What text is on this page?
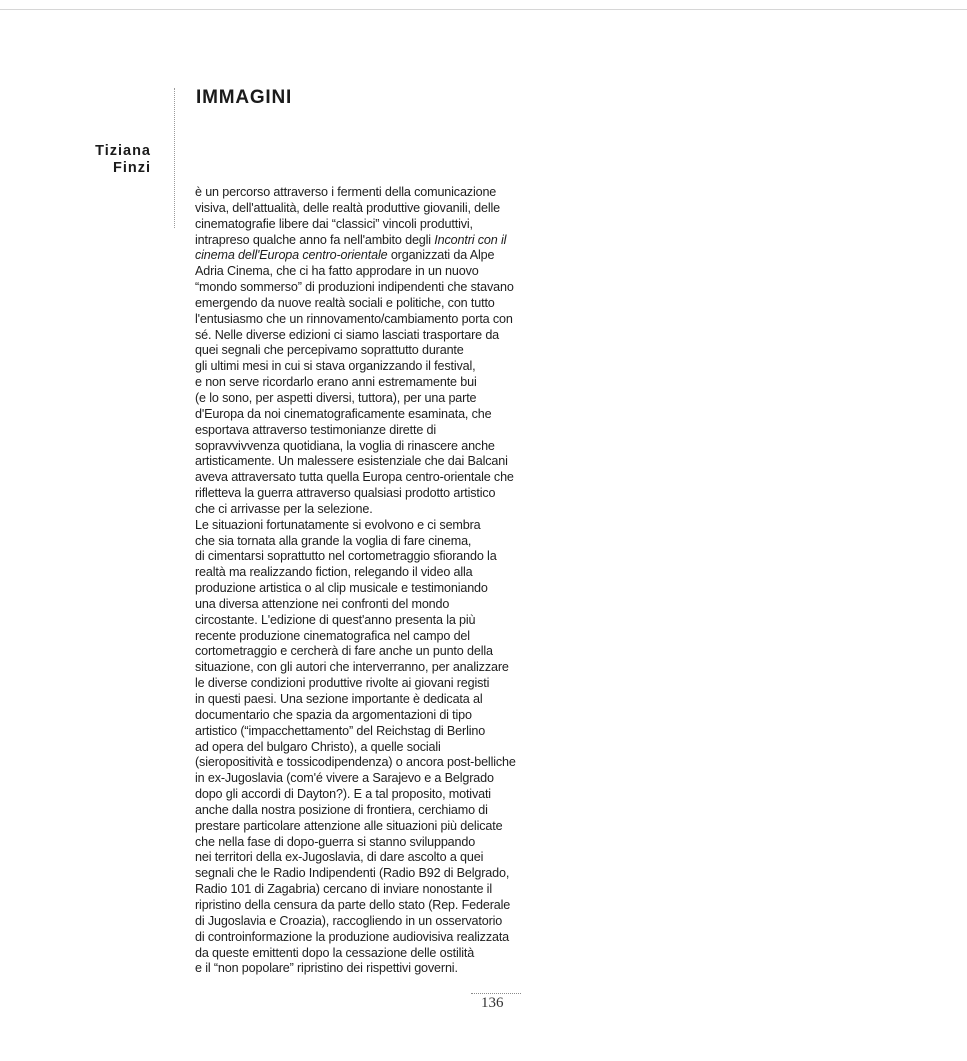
IMMAGINI
Tiziana
Finzi
è un percorso attraverso i fermenti della comunicazione
visiva, dell'attualità, delle realtà produttive giovanili, delle
cinematografie libere dai “classici” vincoli produttivi,
intrapreso qualche anno fa nell'ambito degli Incontri con il
cinema dell'Europa centro-orientale organizzati da Alpe
Adria Cinema, che ci ha fatto approdare in un nuovo
“mondo sommerso” di produzioni indipendenti che stavano
emergendo da nuove realtà sociali e politiche, con tutto
l'entusiasmo che un rinnovamento/cambiamento porta con
sé. Nelle diverse edizioni ci siamo lasciati trasportare da
quei segnali che percepivamo soprattutto durante
gli ultimi mesi in cui si stava organizzando il festival,
e non serve ricordarlo erano anni estremamente bui
(e lo sono, per aspetti diversi, tuttora), per una parte
d'Europa da noi cinematograficamente esaminata, che
esportava attraverso testimonianze dirette di
sopravvivvenza quotidiana, la voglia di rinascere anche
artisticamente. Un malessere esistenziale che dai Balcani
aveva attraversato tutta quella Europa centro-orientale che
rifletteva la guerra attraverso qualsiasi prodotto artistico
che ci arrivasse per la selezione.
Le situazioni fortunatamente si evolvono e ci sembra
che sia tornata alla grande la voglia di fare cinema,
di cimentarsi soprattutto nel cortometraggio sfiorando la
realtà ma realizzando fiction, relegando il video alla
produzione artistica o al clip musicale e testimoniando
una diversa attenzione nei confronti del mondo
circostante. L'edizione di quest'anno presenta la più
recente produzione cinematografica nel campo del
cortometraggio e cercherà di fare anche un punto della
situazione, con gli autori che interverranno, per analizzare
le diverse condizioni produttive rivolte ai giovani registi
in questi paesi. Una sezione importante è dedicata al
documentario che spazia da argomentazioni di tipo
artistico (“impacchettamento” del Reichstag di Berlino
ad opera del bulgaro Christo), a quelle sociali
(sieropositività e tossicodipendenza) o ancora post-belliche
in ex-Jugoslavia (com'é vivere a Sarajevo e a Belgrado
dopo gli accordi di Dayton?). E a tal proposito, motivati
anche dalla nostra posizione di frontiera, cerchiamo di
prestare particolare attenzione alle situazioni più delicate
che nella fase di dopo-guerra si stanno sviluppando
nei territori della ex-Jugoslavia, di dare ascolto a quei
segnali che le Radio Indipendenti (Radio B92 di Belgrado,
Radio 101 di Zagabria) cercano di inviare nonostante il
ripristino della censura da parte dello stato (Rep. Federale
di Jugoslavia e Croazia), raccogliendo in un osservatorio
di controinformazione la produzione audiovisiva realizzata
da queste emittenti dopo la cessazione delle ostilità
e il “non popolare” ripristino dei rispettivi governi.
136
